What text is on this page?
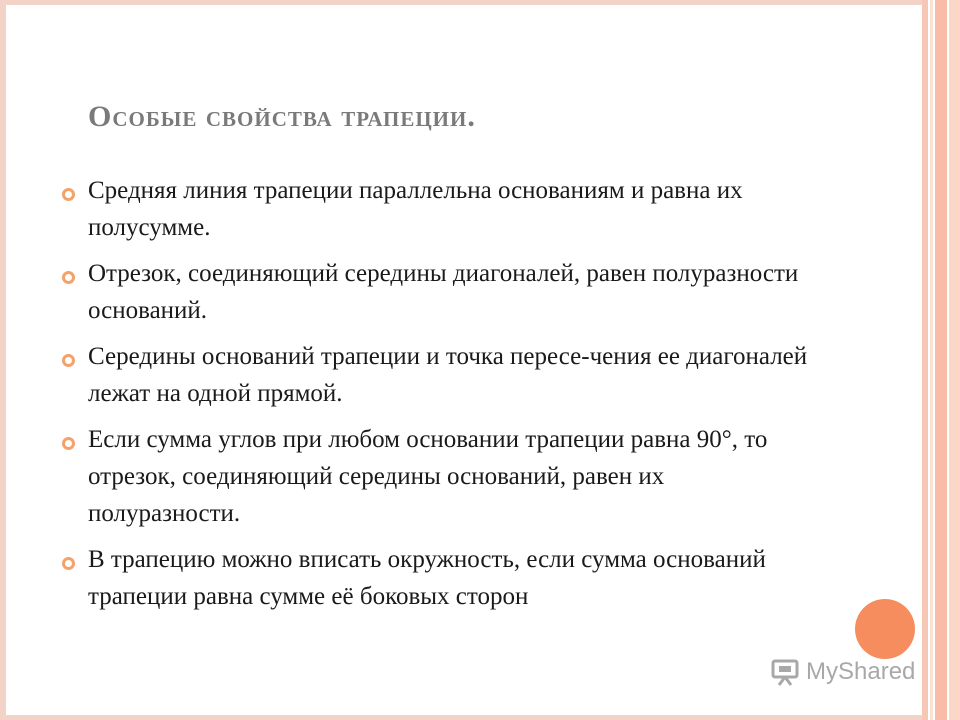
Особые свойства трапеции.
Средняя линия трапеции параллельна основаниям и равна их полусумме.
Отрезок, соединяющий середины диагоналей, равен полуразности оснований.
Середины оснований трапеции и точка пересе-чения ее диагоналей лежат на одной прямой.
Если сумма углов при любом основании трапеции равна 90°, то отрезок, соединяющий середины оснований, равен их полуразности.
В трапецию можно вписать окружность, если сумма оснований трапеции равна сумме её боковых сторон
MyShared
